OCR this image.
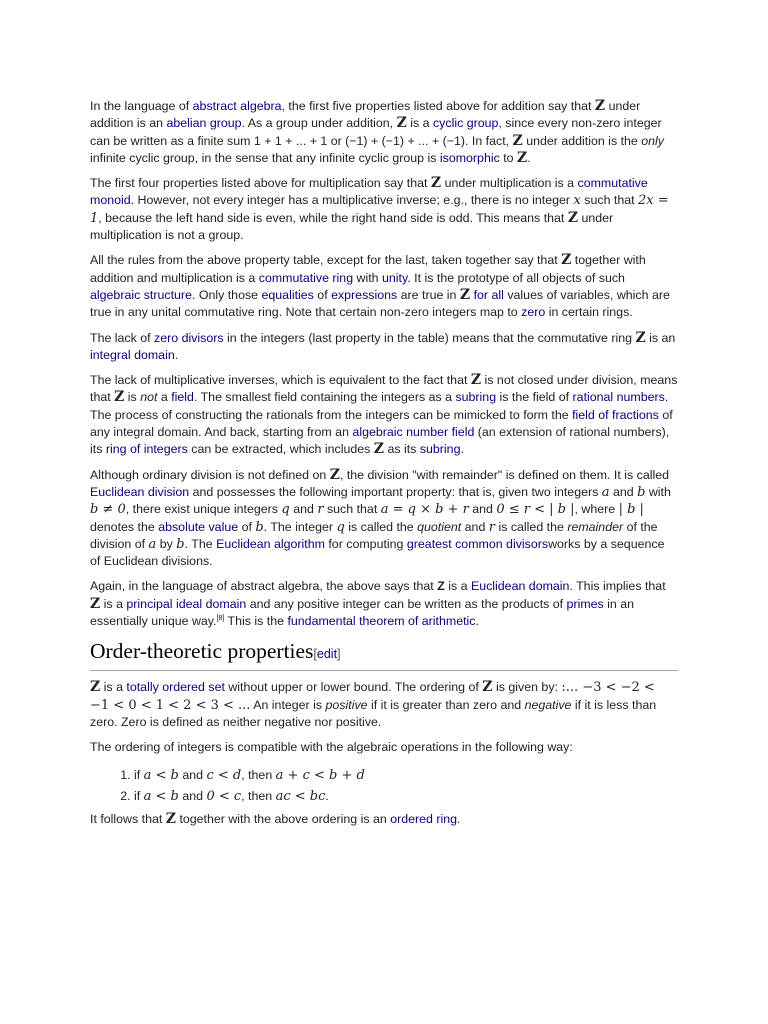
In the language of abstract algebra, the first five properties listed above for addition say that Z under addition is an abelian group. As a group under addition, Z is a cyclic group, since every non-zero integer can be written as a finite sum 1 + 1 + ... + 1 or (−1) + (−1) + ... + (−1). In fact, Z under addition is the only infinite cyclic group, in the sense that any infinite cyclic group is isomorphic to Z.

The first four properties listed above for multiplication say that Z under multiplication is a commutative monoid. However, not every integer has a multiplicative inverse; e.g., there is no integer x such that 2x = 1, because the left hand side is even, while the right hand side is odd. This means that Z under multiplication is not a group.

All the rules from the above property table, except for the last, taken together say that Z together with addition and multiplication is a commutative ring with unity. It is the prototype of all objects of such algebraic structure. Only those equalities of expressions are true in Z for all values of variables, which are true in any unital commutative ring. Note that certain non-zero integers map to zero in certain rings.

The lack of zero divisors in the integers (last property in the table) means that the commutative ring Z is an integral domain.

The lack of multiplicative inverses, which is equivalent to the fact that Z is not closed under division, means that Z is not a field. The smallest field containing the integers as a subring is the field of rational numbers. The process of constructing the rationals from the integers can be mimicked to form the field of fractions of any integral domain. And back, starting from an algebraic number field (an extension of rational numbers), its ring of integers can be extracted, which includes Z as its subring.

Although ordinary division is not defined on Z, the division "with remainder" is defined on them. It is called Euclidean division and possesses the following important property: that is, given two integers a and b with b ≠ 0, there exist unique integers q and r such that a = q × b + r and 0 ≤ r < | b |, where | b | denotes the absolute value of b. The integer q is called the quotient and r is called the remainder of the division of a by b. The Euclidean algorithm for computing greatest common divisorsworks by a sequence of Euclidean divisions.

Again, in the language of abstract algebra, the above says that Z is a Euclidean domain. This implies that Z is a principal ideal domain and any positive integer can be written as the products of primes in an essentially unique way.[8] This is the fundamental theorem of arithmetic.

Order-theoretic properties[edit]

Z is a totally ordered set without upper or lower bound. The ordering of Z is given by: :... −3 < −2 < −1 < 0 < 1 < 2 < 3 < ... An integer is positive if it is greater than zero and negative if it is less than zero. Zero is defined as neither negative nor positive.

The ordering of integers is compatible with the algebraic operations in the following way:

1. if a < b and c < d, then a + c < b + d
2. if a < b and 0 < c, then ac < bc.

It follows that Z together with the above ordering is an ordered ring.
